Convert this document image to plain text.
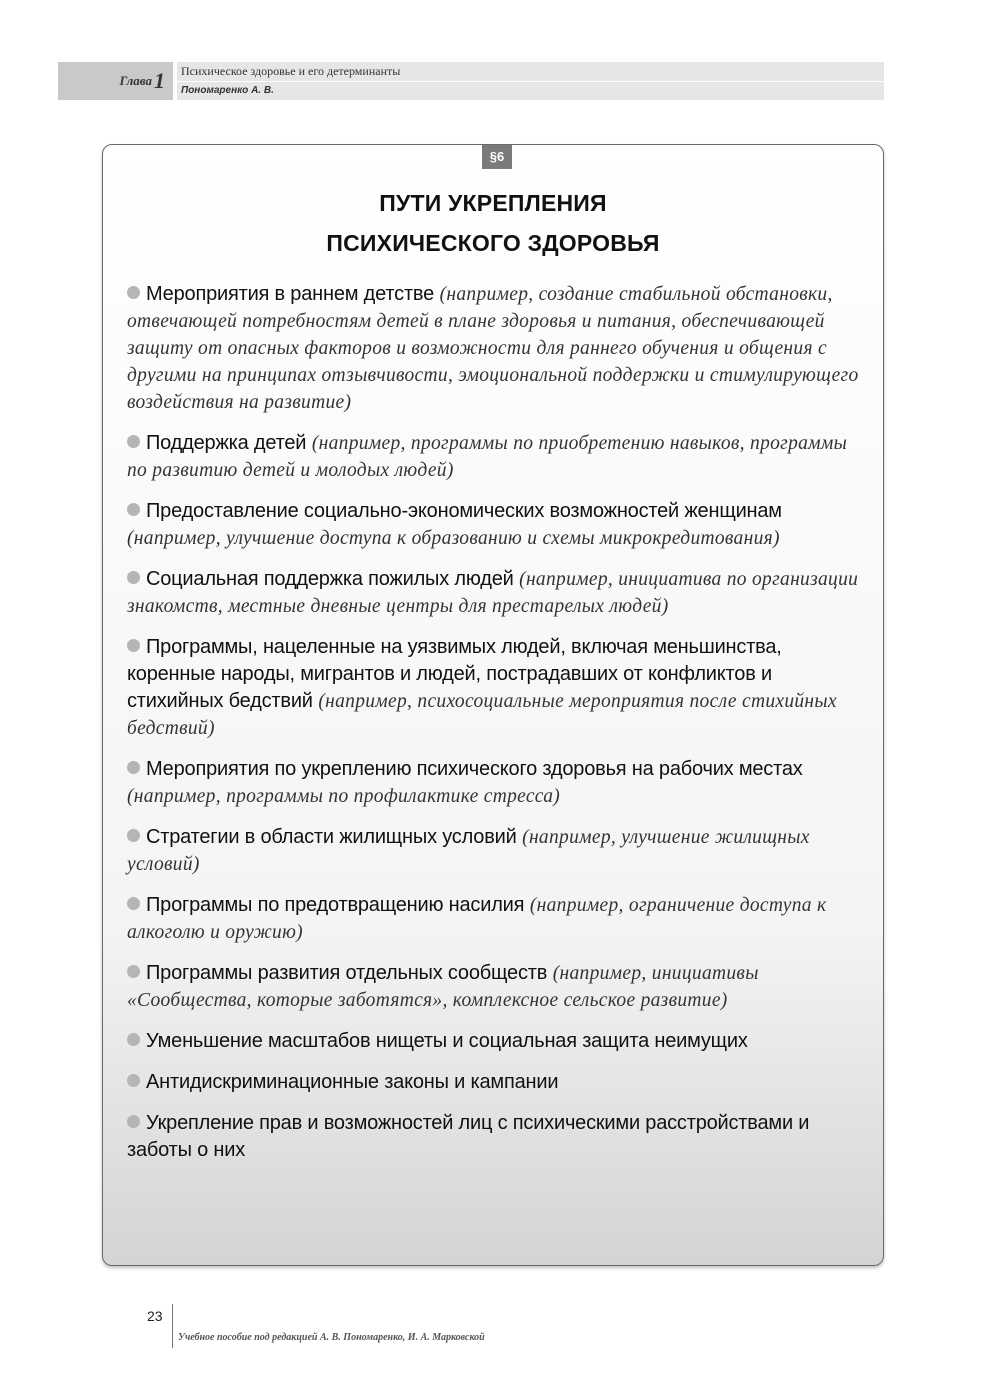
Глава 1	Психическое здоровье и его детерминанты
Пономаренко А. В.
§6
ПУТИ УКРЕПЛЕНИЯ
ПСИХИЧЕСКОГО ЗДОРОВЬЯ
Мероприятия в раннем детстве (например, создание стабильной обстановки, отвечающей потребностям детей в плане здоровья и питания, обеспечивающей защиту от опасных факторов и возможности для раннего обучения и общения с другими на принципах отзывчивости, эмоциональной поддержки и стимулирующего воздействия на развитие)
Поддержка детей (например, программы по приобретению навыков, программы по развитию детей и молодых людей)
Предоставление социально-экономических возможностей женщинам (например, улучшение доступа к образованию и схемы микрокредитования)
Социальная поддержка пожилых людей (например, инициатива по организации знакомств, местные дневные центры для престарелых людей)
Программы, нацеленные на уязвимых людей, включая меньшинства, коренные народы, мигрантов и людей, пострадавших от конфликтов и стихийных бедствий (например, психосоциальные мероприятия после стихийных бедствий)
Мероприятия по укреплению психического здоровья на рабочих местах (например, программы по профилактике стресса)
Стратегии в области жилищных условий (например, улучшение жилищных условий)
Программы по предотвращению насилия (например, ограничение доступа к алкоголю и оружию)
Программы развития отдельных сообществ (например, инициативы «Сообщества, которые заботятся», комплексное сельское развитие)
Уменьшение масштабов нищеты и социальная защита неимущих
Антидискриминационные законы и кампании
Укрепление прав и возможностей лиц с психическими расстройствами и заботы о них
23
Учебное пособие под редакцией А. В. Пономаренко, И. А. Марковской
